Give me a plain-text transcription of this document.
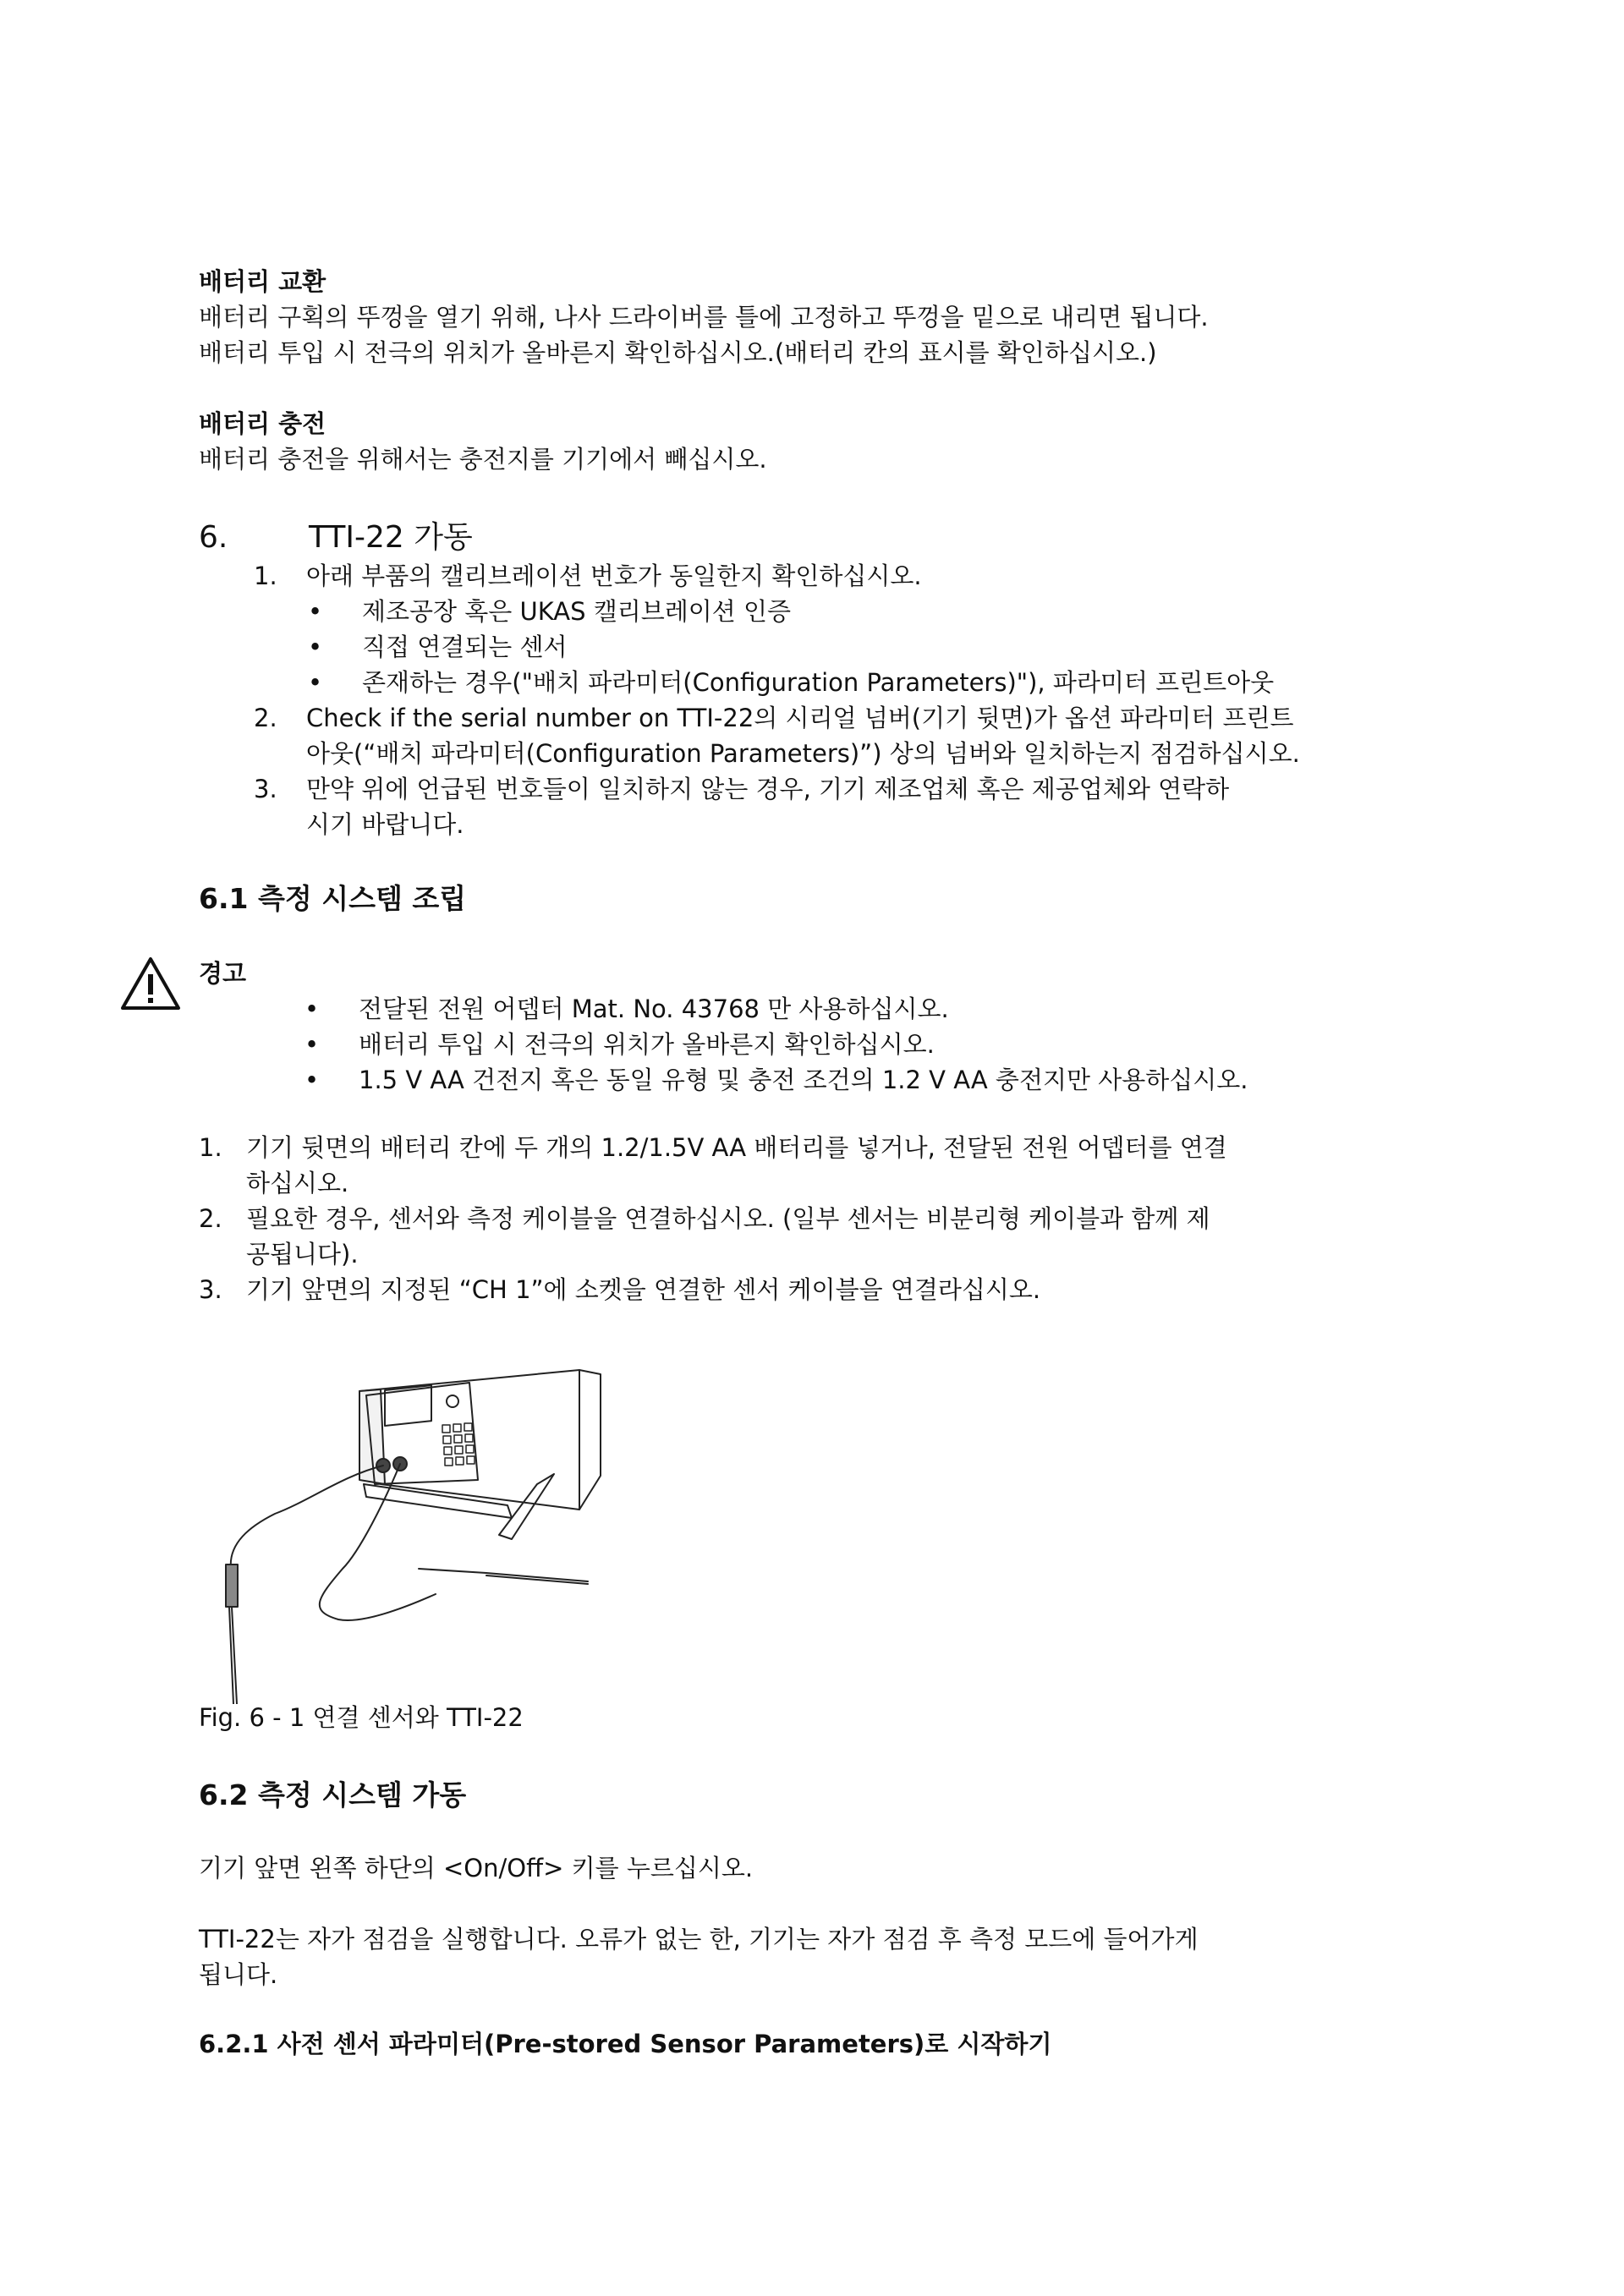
배터리 교환
배터리 구획의 뚜껑을 열기 위해, 나사 드라이버를 틀에 고정하고 뚜껑을 밑으로 내리면 됩니다.
배터리 투입 시 전극의 위치가 올바른지 확인하십시오.(배터리 칸의 표시를 확인하십시오.)
배터리 충전
배터리 충전을 위해서는 충전지를 기기에서 빼십시오.
6.	TTI-22 가동
1. 아래 부품의 캘리브레이션 번호가 동일한지 확인하십시오.
• 제조공장 혹은 UKAS 캘리브레이션 인증
• 직접 연결되는 센서
• 존재하는 경우("배치 파라미터(Configuration Parameters)"), 파라미터 프린트아웃
2. Check if the serial number on TTI-22의 시리얼 넘버(기기 뒷면)가 옵션 파라미터 프린트
아웃(“배치 파라미터(Configuration Parameters)”) 상의 넘버와 일치하는지 점검하십시오.
3. 만약 위에 언급된 번호들이 일치하지 않는 경우, 기기 제조업체 혹은 제공업체와 연락하
시기 바랍니다.
6.1 측정 시스템 조립
경고
• 전달된 전원 어뎁터 Mat. No. 43768 만 사용하십시오.
• 배터리 투입 시 전극의 위치가 올바른지 확인하십시오.
• 1.5 V AA 건전지 혹은 동일 유형 및 충전 조건의 1.2 V AA 충전지만 사용하십시오.
1. 기기 뒷면의 배터리 칸에 두 개의 1.2/1.5V AA 배터리를 넣거나, 전달된 전원 어뎁터를 연결
하십시오.
2. 필요한 경우, 센서와 측정 케이블을 연결하십시오. (일부 센서는 비분리형 케이블과 함께 제
공됩니다).
3. 기기 앞면의 지정된 “CH 1”에 소켓을 연결한 센서 케이블을 연결라십시오.
Fig. 6 - 1 연결 센서와 TTI-22
6.2 측정 시스템 가동
기기 앞면 왼쪽 하단의 <On/Off> 키를 누르십시오.
TTI-22는 자가 점검을 실행합니다. 오류가 없는 한, 기기는 자가 점검 후 측정 모드에 들어가게
됩니다.
6.2.1 사전 센서 파라미터(Pre-stored Sensor Parameters)로 시작하기
